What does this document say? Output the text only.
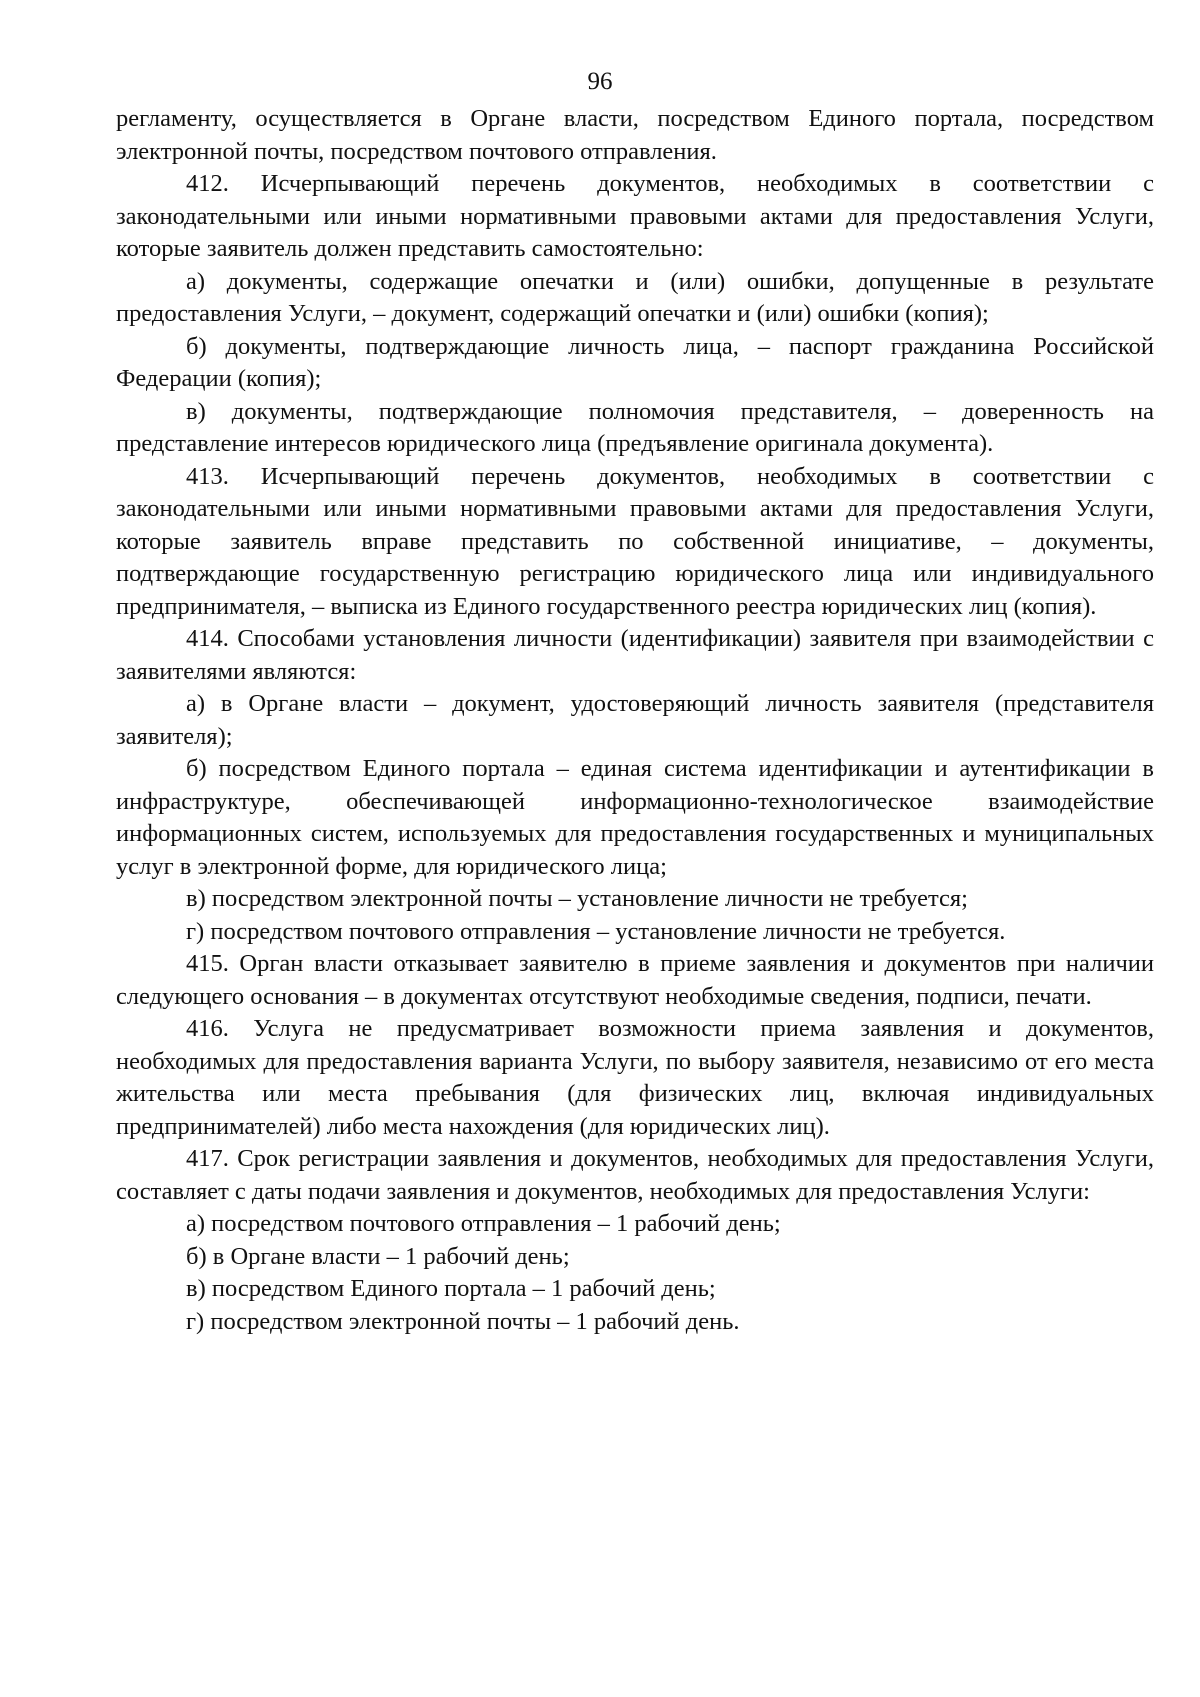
96

регламенту, осуществляется в Органе власти, посредством Единого портала, посредством электронной почты, посредством почтового отправления.

412. Исчерпывающий перечень документов, необходимых в соответствии с законодательными или иными нормативными правовыми актами для предоставления Услуги, которые заявитель должен представить самостоятельно:

а) документы, содержащие опечатки и (или) ошибки, допущенные в результате предоставления Услуги, – документ, содержащий опечатки и (или) ошибки (копия);

б) документы, подтверждающие личность лица, – паспорт гражданина Российской Федерации (копия);

в) документы, подтверждающие полномочия представителя, – доверенность на представление интересов юридического лица (предъявление оригинала документа).

413. Исчерпывающий перечень документов, необходимых в соответствии с законодательными или иными нормативными правовыми актами для предоставления Услуги, которые заявитель вправе представить по собственной инициативе, – документы, подтверждающие государственную регистрацию юридического лица или индивидуального предпринимателя, – выписка из Единого государственного реестра юридических лиц (копия).

414. Способами установления личности (идентификации) заявителя при взаимодействии с заявителями являются:

а) в Органе власти – документ, удостоверяющий личность заявителя (представителя заявителя);

б) посредством Единого портала – единая система идентификации и аутентификации в инфраструктуре, обеспечивающей информационно-технологическое взаимодействие информационных систем, используемых для предоставления государственных и муниципальных услуг в электронной форме, для юридического лица;

в) посредством электронной почты – установление личности не требуется;

г) посредством почтового отправления – установление личности не требуется.

415. Орган власти отказывает заявителю в приеме заявления и документов при наличии следующего основания – в документах отсутствуют необходимые сведения, подписи, печати.

416. Услуга не предусматривает возможности приема заявления и документов, необходимых для предоставления варианта Услуги, по выбору заявителя, независимо от его места жительства или места пребывания (для физических лиц, включая индивидуальных предпринимателей) либо места нахождения (для юридических лиц).

417. Срок регистрации заявления и документов, необходимых для предоставления Услуги, составляет с даты подачи заявления и документов, необходимых для предоставления Услуги:

а) посредством почтового отправления – 1 рабочий день;

б) в Органе власти – 1 рабочий день;

в) посредством Единого портала – 1 рабочий день;

г) посредством электронной почты – 1 рабочий день.
